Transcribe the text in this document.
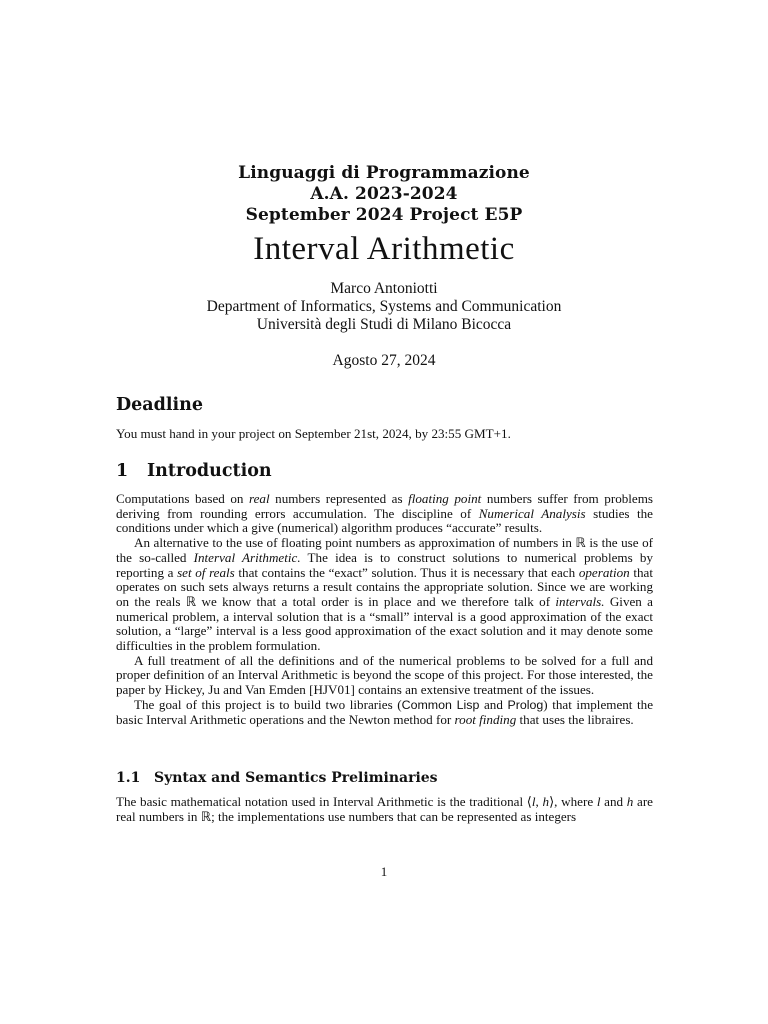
Linguaggi di Programmazione
A.A. 2023-2024
September 2024 Project E5P
Interval Arithmetic
Marco Antoniotti
Department of Informatics, Systems and Communication
Università degli Studi di Milano Bicocca
Agosto 27, 2024
Deadline

You must hand in your project on September 21st, 2024, by 23:55 GMT+1.

1 Introduction

Computations based on real numbers represented as floating point numbers suffer from problems deriving from rounding errors accumulation. The discipline of Numerical Analysis studies the conditions under which a give (numerical) algorithm produces “accurate” results.

An alternative to the use of floating point numbers as approximation of numbers in ℝ is the use of the so-called Interval Arithmetic. The idea is to construct solutions to numerical problems by reporting a set of reals that contains the “exact” solution. Thus it is necessary that each operation that operates on such sets always returns a result contains the appropriate solution. Since we are working on the reals ℝ we know that a total order is in place and we therefore talk of intervals. Given a numerical problem, a interval solution that is a “small” interval is a good approximation of the exact solution, a “large” interval is a less good approximation of the exact solution and it may denote some difficulties in the problem formulation.

A full treatment of all the definitions and of the numerical problems to be solved for a full and proper definition of an Interval Arithmetic is beyond the scope of this project. For those interested, the paper by Hickey, Ju and Van Emden [HJV01] contains an extensive treatment of the issues.

The goal of this project is to build two libraries (Common Lisp and Prolog) that implement the basic Interval Arithmetic operations and the Newton method for root finding that uses the libraires.

1.1 Syntax and Semantics Preliminaries

The basic mathematical notation used in Interval Arithmetic is the traditional ⟨l, h⟩, where l and h are real numbers in ℝ; the implementations use numbers that can be represented as integers

1
